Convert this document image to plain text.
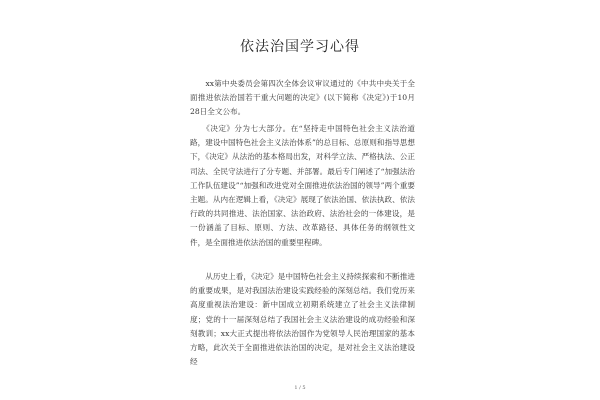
依法治国学习心得

　　xx第中央委员会第四次全体会议审议通过的《中共中央关于全面推进依法治国若干重大问题的决定》(以下简称《决定》)于10月28日全文公布。

　　《决定》分为七大部分。在“坚持走中国特色社会主义法治道路，建设中国特色社会主义法治体系”的总目标、总原则和指导思想下，《决定》从法治的基本格局出发，对科学立法、严格执法、公正司法、全民守法进行了分专题、并部署。最后专门阐述了“加强法治工作队伍建设”“加强和改进党对全面推进依法治国的领导”两个重要主题。从内在逻辑上看，《决定》展现了依法治国、依法执政、依法行政的共同推进、法治国家、法治政府、法治社会的一体建设，是一份涵盖了目标、原则、方法、改革路径、具体任务的纲领性文件，是全面推进依法治国的重要里程碑。

　　从历史上看，《决定》是中国特色社会主义持续探索和不断推进的重要成果，是对我国法治建设实践经验的深刻总结。我们党历来高度重视法治建设：新中国成立初期系统建立了社会主义法律制度；党的十一届深刻总结了我国社会主义法治建设的成功经验和深刻教训；xx大正式提出将依法治国作为党领导人民治理国家的基本方略，此次关于全面推进依法治国的决定，是对社会主义法治建设经

1 / 5
